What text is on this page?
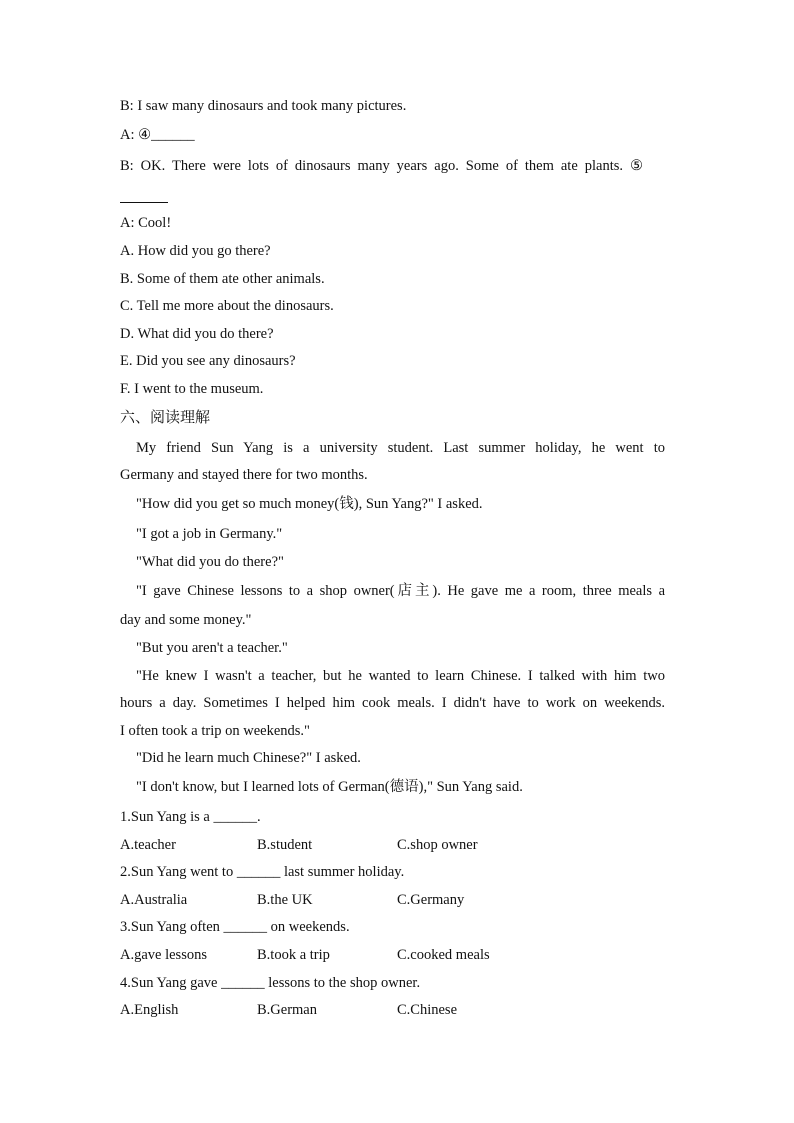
B: I saw many dinosaurs and took many pictures.
A: ④______
B: OK. There were lots of dinosaurs many years ago. Some of them ate plants. ⑤
A: Cool!
A. How did you go there?
B. Some of them ate other animals.
C. Tell me more about the dinosaurs.
D. What did you do there?
E. Did you see any dinosaurs?
F. I went to the museum.
六、阅读理解
My friend Sun Yang is a university student. Last summer holiday, he went to
Germany and stayed there for two months.
"How did you get so much money(钱), Sun Yang?" I asked.
"I got a job in Germany."
"What did you do there?"
"I gave Chinese lessons to a shop owner(店主). He gave me a room, three meals a
day and some money."
"But you aren't a teacher."
"He knew I wasn't a teacher, but he wanted to learn Chinese. I talked with him two
hours a day. Sometimes I helped him cook meals. I didn't have to work on weekends.
I often took a trip on weekends."
"Did he learn much Chinese?" I asked.
"I don't know, but I learned lots of German(德语)," Sun Yang said.
1.Sun Yang is a ______.
A.teacher	B.student	C.shop owner
2.Sun Yang went to ______ last summer holiday.
A.Australia	B.the UK	C.Germany
3.Sun Yang often ______ on weekends.
A.gave lessons	B.took a trip	C.cooked meals
4.Sun Yang gave ______ lessons to the shop owner.
A.English	B.German	C.Chinese
